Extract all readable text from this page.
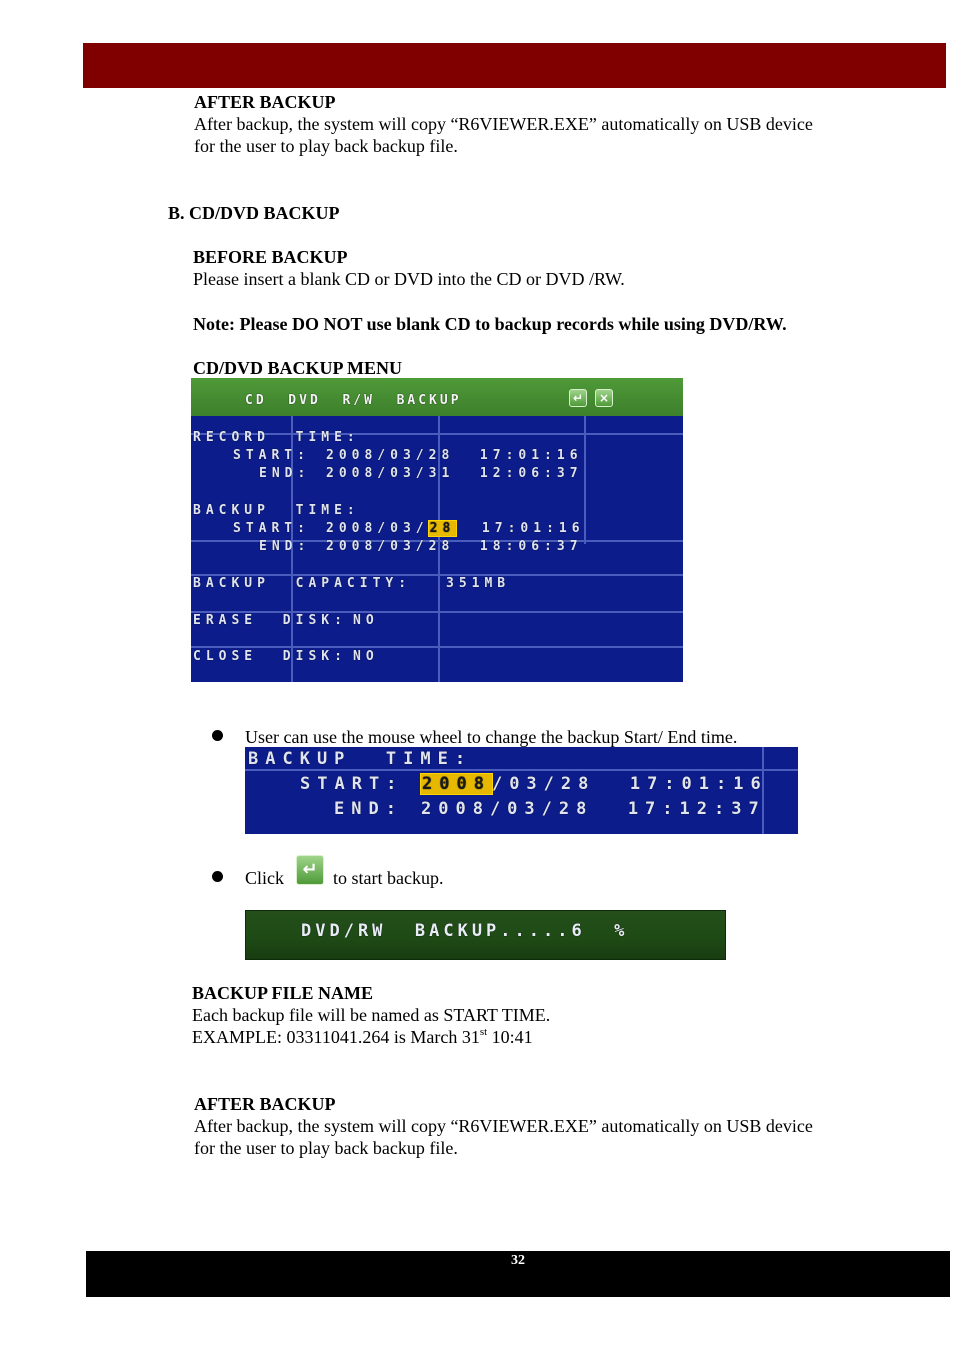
AFTER BACKUP
After backup, the system will copy “R6VIEWER.EXE” automatically on USB device
for the user to play back backup file.
B. CD/DVD BACKUP
BEFORE BACKUP
Please insert a blank CD or DVD into the CD or DVD /RW.
Note: Please DO NOT use blank CD to backup records while using DVD/RW.
CD/DVD BACKUP MENU
CD  DVD  R/W  BACKUP	↵	×
RECORD  TIME:
START: 2008/03/28  17:01:16
END: 2008/03/31  12:06:37
BACKUP  TIME:
START: 2008/03/28  17:01:16
END: 2008/03/28  18:06:37
BACKUP  CAPACITY:	351MB
ERASE  DISK: NO
CLOSE  DISK: NO
User can use the mouse wheel to change the backup Start/ End time.
BACKUP  TIME:
START: 2008/03/28  17:01:16
END: 2008/03/28  17:12:37
Click	↵ to start backup.
DVD/RW  BACKUP.....6  %
BACKUP FILE NAME
Each backup file will be named as START TIME.
EXAMPLE: 03311041.264 is March 31st 10:41
AFTER BACKUP
After backup, the system will copy “R6VIEWER.EXE” automatically on USB device
for the user to play back backup file.
32
